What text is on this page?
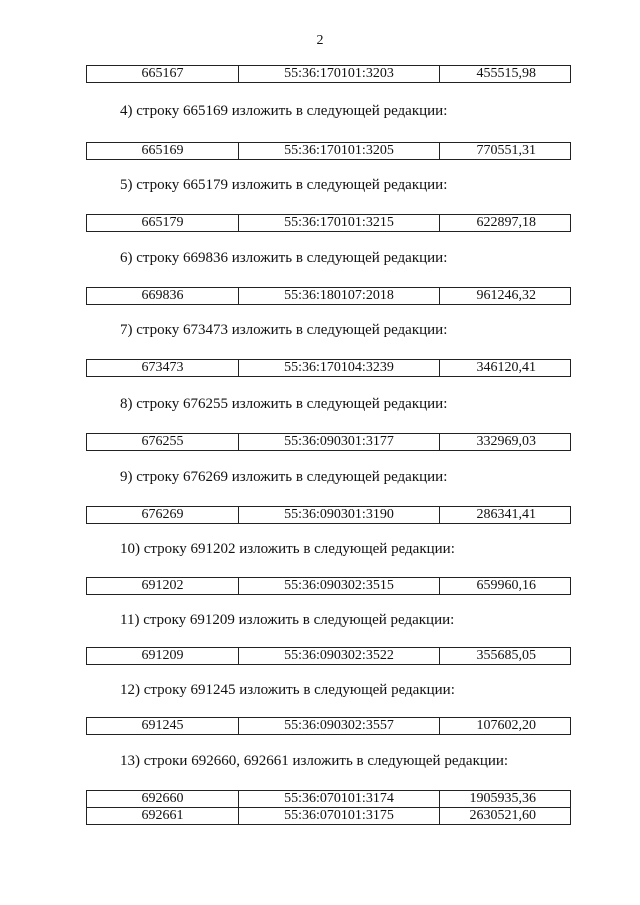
2
665167	55:36:170101:3203	455515,98
4) строку 665169 изложить в следующей редакции:
665169	55:36:170101:3205	770551,31
5) строку 665179 изложить в следующей редакции:
665179	55:36:170101:3215	622897,18
6) строку 669836 изложить в следующей редакции:
669836	55:36:180107:2018	961246,32
7) строку 673473 изложить в следующей редакции:
673473	55:36:170104:3239	346120,41
8) строку 676255 изложить в следующей редакции:
676255	55:36:090301:3177	332969,03
9) строку 676269 изложить в следующей редакции:
676269	55:36:090301:3190	286341,41
10) строку 691202 изложить в следующей редакции:
691202	55:36:090302:3515	659960,16
11) строку 691209 изложить в следующей редакции:
691209	55:36:090302:3522	355685,05
12) строку 691245 изложить в следующей редакции:
691245	55:36:090302:3557	107602,20
13) строки 692660, 692661 изложить в следующей редакции:
692660	55:36:070101:3174	1905935,36
692661	55:36:070101:3175	2630521,60
